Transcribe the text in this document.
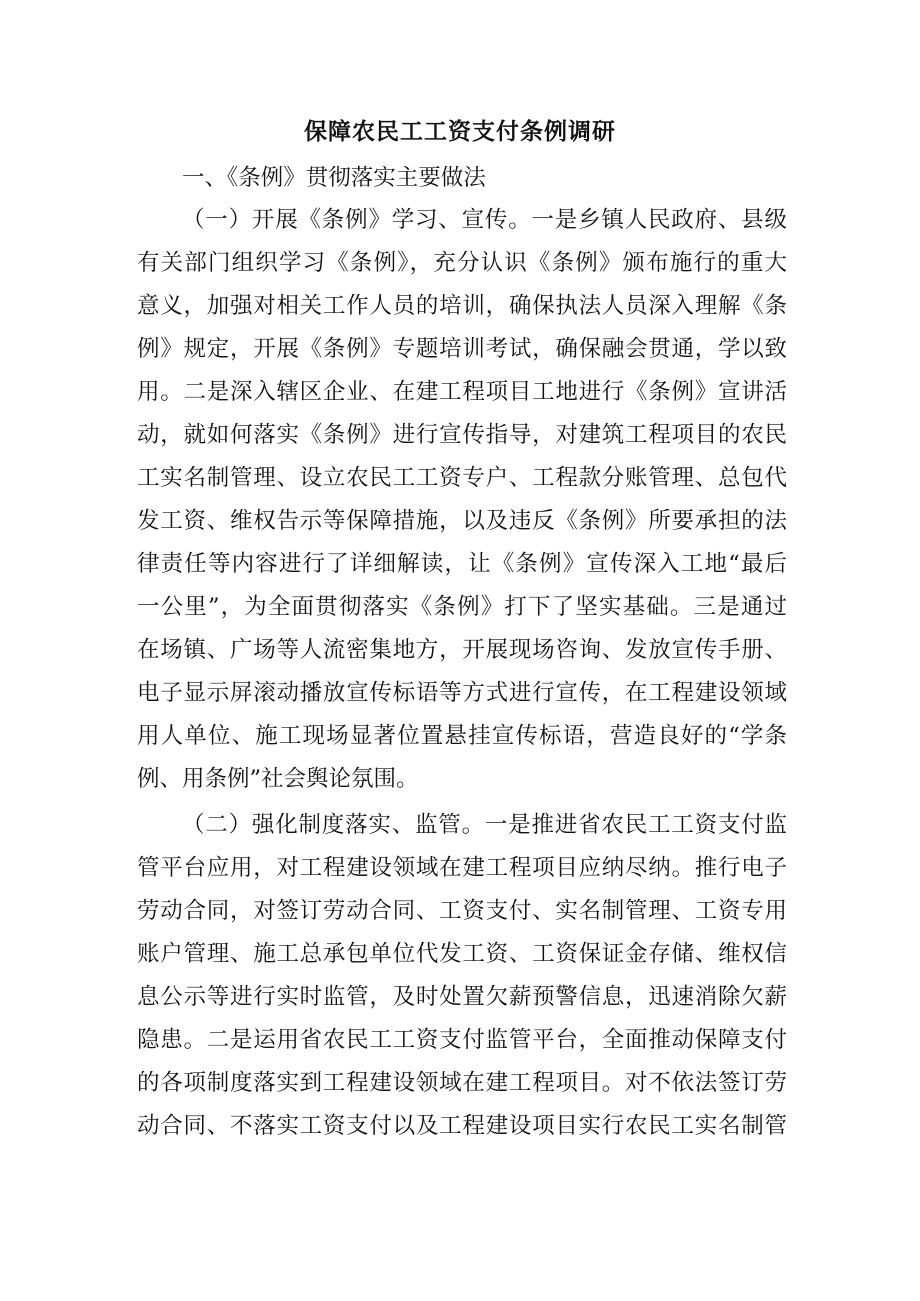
保障农民工工资支付条例调研
一、《条例》贯彻落实主要做法
（一）开展《条例》学习、宣传。一是乡镇人民政府、县级
有关部门组织学习《条例》，充分认识《条例》颁布施行的重大
意义，加强对相关工作人员的培训，确保执法人员深入理解《条
例》规定，开展《条例》专题培训考试，确保融会贯通，学以致
用。二是深入辖区企业、在建工程项目工地进行《条例》宣讲活
动，就如何落实《条例》进行宣传指导，对建筑工程项目的农民
工实名制管理、设立农民工工资专户、工程款分账管理、总包代
发工资、维权告示等保障措施，以及违反《条例》所要承担的法
律责任等内容进行了详细解读，让《条例》宣传深入工地“最后
一公里”，为全面贯彻落实《条例》打下了坚实基础。三是通过
在场镇、广场等人流密集地方，开展现场咨询、发放宣传手册、
电子显示屏滚动播放宣传标语等方式进行宣传，在工程建设领域
用人单位、施工现场显著位置悬挂宣传标语，营造良好的“学条
例、用条例”社会舆论氛围。
（二）强化制度落实、监管。一是推进省农民工工资支付监
管平台应用，对工程建设领域在建工程项目应纳尽纳。推行电子
劳动合同，对签订劳动合同、工资支付、实名制管理、工资专用
账户管理、施工总承包单位代发工资、工资保证金存储、维权信
息公示等进行实时监管，及时处置欠薪预警信息，迅速消除欠薪
隐患。二是运用省农民工工资支付监管平台，全面推动保障支付
的各项制度落实到工程建设领域在建工程项目。对不依法签订劳
动合同、不落实工资支付以及工程建设项目实行农民工实名制管
